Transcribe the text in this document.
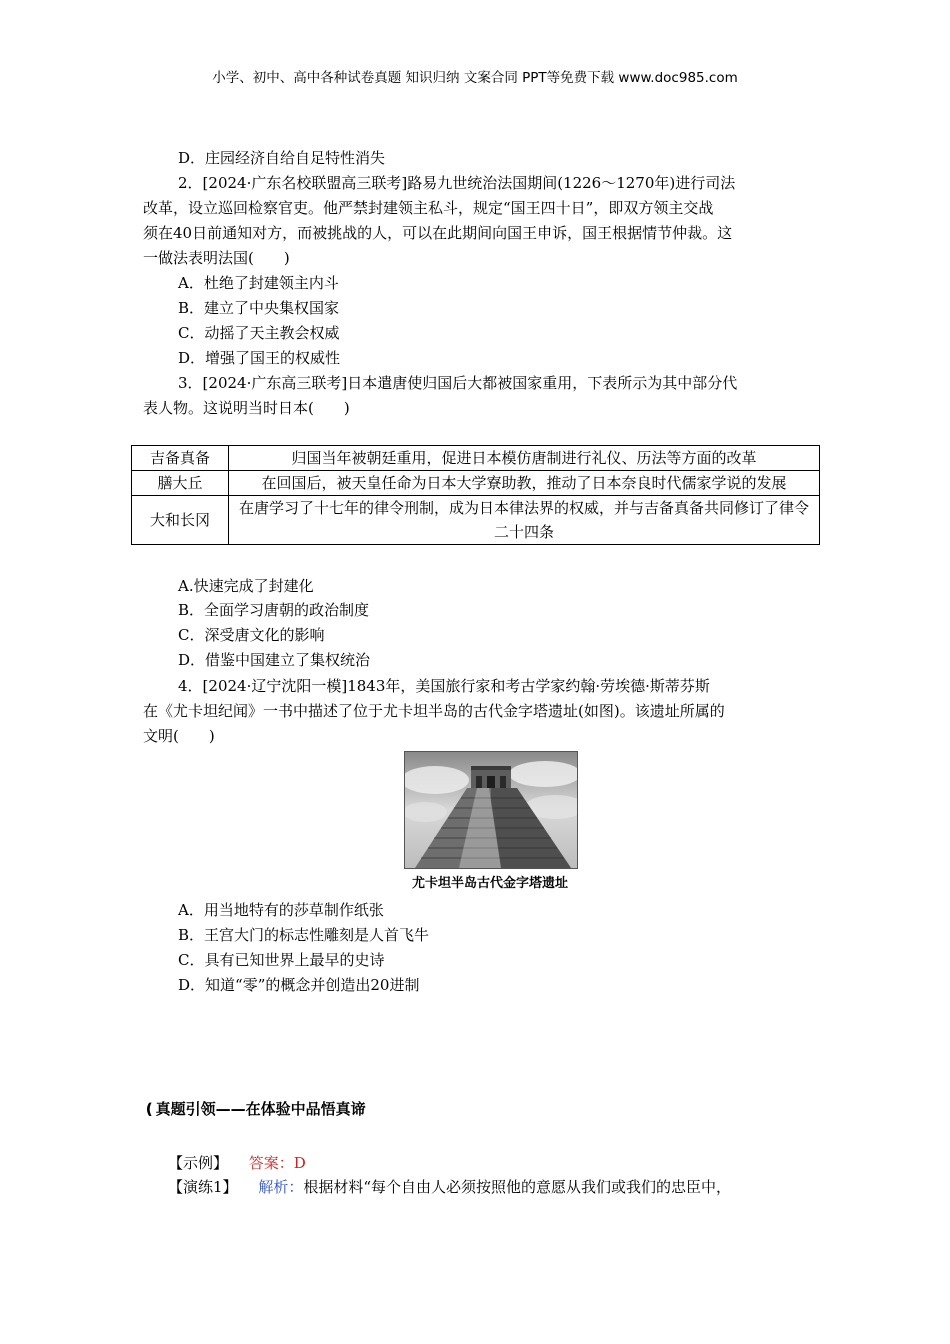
小学、初中、高中各种试卷真题 知识归纳 文案合同 PPT等免费下载 www.doc985.com
D．庄园经济自给自足特性消失
2．[2024·广东名校联盟高三联考]路易九世统治法国期间(1226～1270年)进行司法
改革，设立巡回检察官吏。他严禁封建领主私斗，规定“国王四十日”，即双方领主交战
须在40日前通知对方，而被挑战的人，可以在此期间向国王申诉，国王根据情节仲裁。这
一做法表明法国(　　)
A．杜绝了封建领主内斗
B．建立了中央集权国家
C．动摇了天主教会权威
D．增强了国王的权威性
3．[2024·广东高三联考]日本遣唐使归国后大都被国家重用，下表所示为其中部分代
表人物。这说明当时日本(　　)
吉备真备	归国当年被朝廷重用，促进日本模仿唐制进行礼仪、历法等方面的改革
膳大丘	在回国后，被天皇任命为日本大学寮助教，推动了日本奈良时代儒家学说的发展
大和长冈	在唐学习了十七年的律令刑制，成为日本律法界的权威，并与吉备真备共同修订了律令二十四条
A.快速完成了封建化
B．全面学习唐朝的政治制度
C．深受唐文化的影响
D．借鉴中国建立了集权统治
4．[2024·辽宁沈阳一模]1843年，美国旅行家和考古学家约翰·劳埃德·斯蒂芬斯
在《尤卡坦纪闻》一书中描述了位于尤卡坦半岛的古代金字塔遗址(如图)。该遗址所属的
文明(　　)
尤卡坦半岛古代金字塔遗址
A．用当地特有的莎草制作纸张
B．王宫大门的标志性雕刻是人首飞牛
C．具有已知世界上最早的史诗
D．知道“零”的概念并创造出20进制
❪真题引领——在体验中品悟真谛
【示例】 答案：D
【演练1】 解析：根据材料“每个自由人必须按照他的意愿从我们或我们的忠臣中，
